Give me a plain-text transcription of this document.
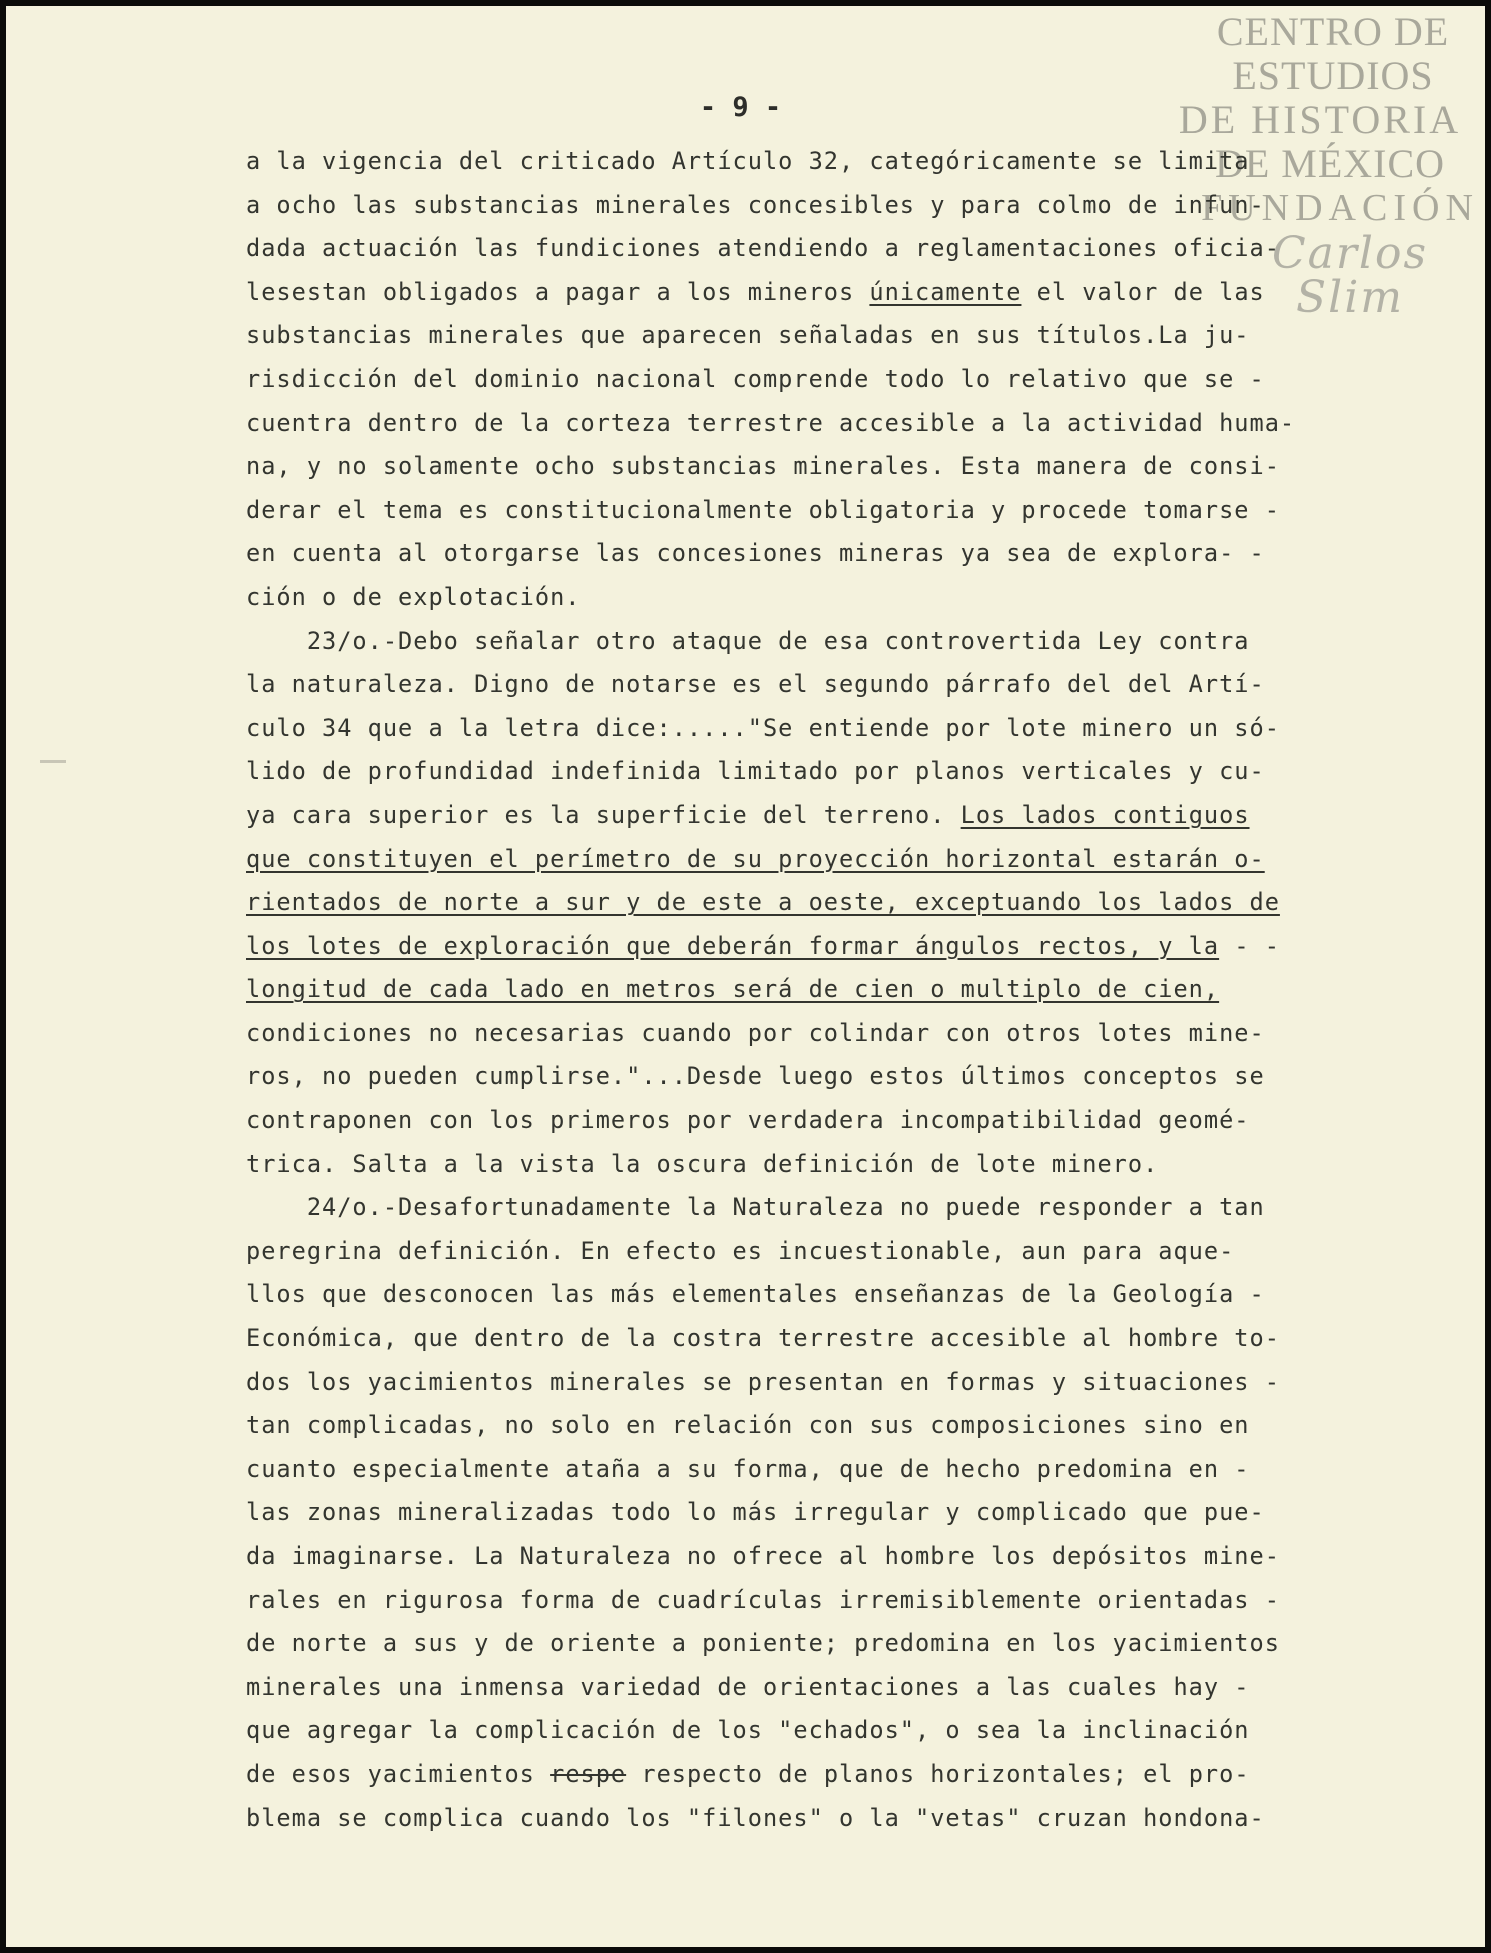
CENTRO DE
ESTUDIOS
DE HISTORIA
DE MÉXICO
FUNDACIÓN
Carlos Slim
- 9 -
a la vigencia del criticado Artículo 32, categóricamente se limita
a ocho las substancias minerales concesibles y para colmo de infun-
dada actuación las fundiciones atendiendo a reglamentaciones oficia-
lesestan obligados a pagar a los mineros únicamente el valor de las
substancias minerales que aparecen señaladas en sus títulos.La ju-
risdicción del dominio nacional comprende todo lo relativo que se -
cuentra dentro de la corteza terrestre accesible a la actividad huma-
na, y no solamente ocho substancias minerales. Esta manera de consi-
derar el tema es constitucionalmente obligatoria y procede tomarse -
en cuenta al otorgarse las concesiones mineras ya sea de explora- -
ción o de explotación.
23/o.-Debo señalar otro ataque de esa controvertida Ley contra
la naturaleza. Digno de notarse es el segundo párrafo del del Artí-
culo 34 que a la letra dice:....."Se entiende por lote minero un só-
lido de profundidad indefinida limitado por planos verticales y cu-
ya cara superior es la superficie del terreno. Los lados contiguos
que constituyen el perímetro de su proyección horizontal estarán o-
rientados de norte a sur y de este a oeste, exceptuando los lados de
los lotes de exploración que deberán formar ángulos rectos, y la - -
longitud de cada lado en metros será de cien o multiplo de cien,
condiciones no necesarias cuando por colindar con otros lotes mine-
ros, no pueden cumplirse."...Desde luego estos últimos conceptos se
contraponen con los primeros por verdadera incompatibilidad geomé-
trica. Salta a la vista la oscura definición de lote minero.
24/o.-Desafortunadamente la Naturaleza no puede responder a tan
peregrina definición. En efecto es incuestionable, aun para aque-
llos que desconocen las más elementales enseñanzas de la Geología -
Económica, que dentro de la costra terrestre accesible al hombre to-
dos los yacimientos minerales se presentan en formas y situaciones -
tan complicadas, no solo en relación con sus composiciones sino en
cuanto especialmente ataña a su forma, que de hecho predomina en -
las zonas mineralizadas todo lo más irregular y complicado que pue-
da imaginarse. La Naturaleza no ofrece al hombre los depósitos mine-
rales en rigurosa forma de cuadrículas irremisiblemente orientadas -
de norte a sus y de oriente a poniente; predomina en los yacimientos
minerales una inmensa variedad de orientaciones a las cuales hay -
que agregar la complicación de los "echados", o sea la inclinación
de esos yacimientos respe respecto de planos horizontales; el pro-
blema se complica cuando los "filones" o la "vetas" cruzan hondona-
